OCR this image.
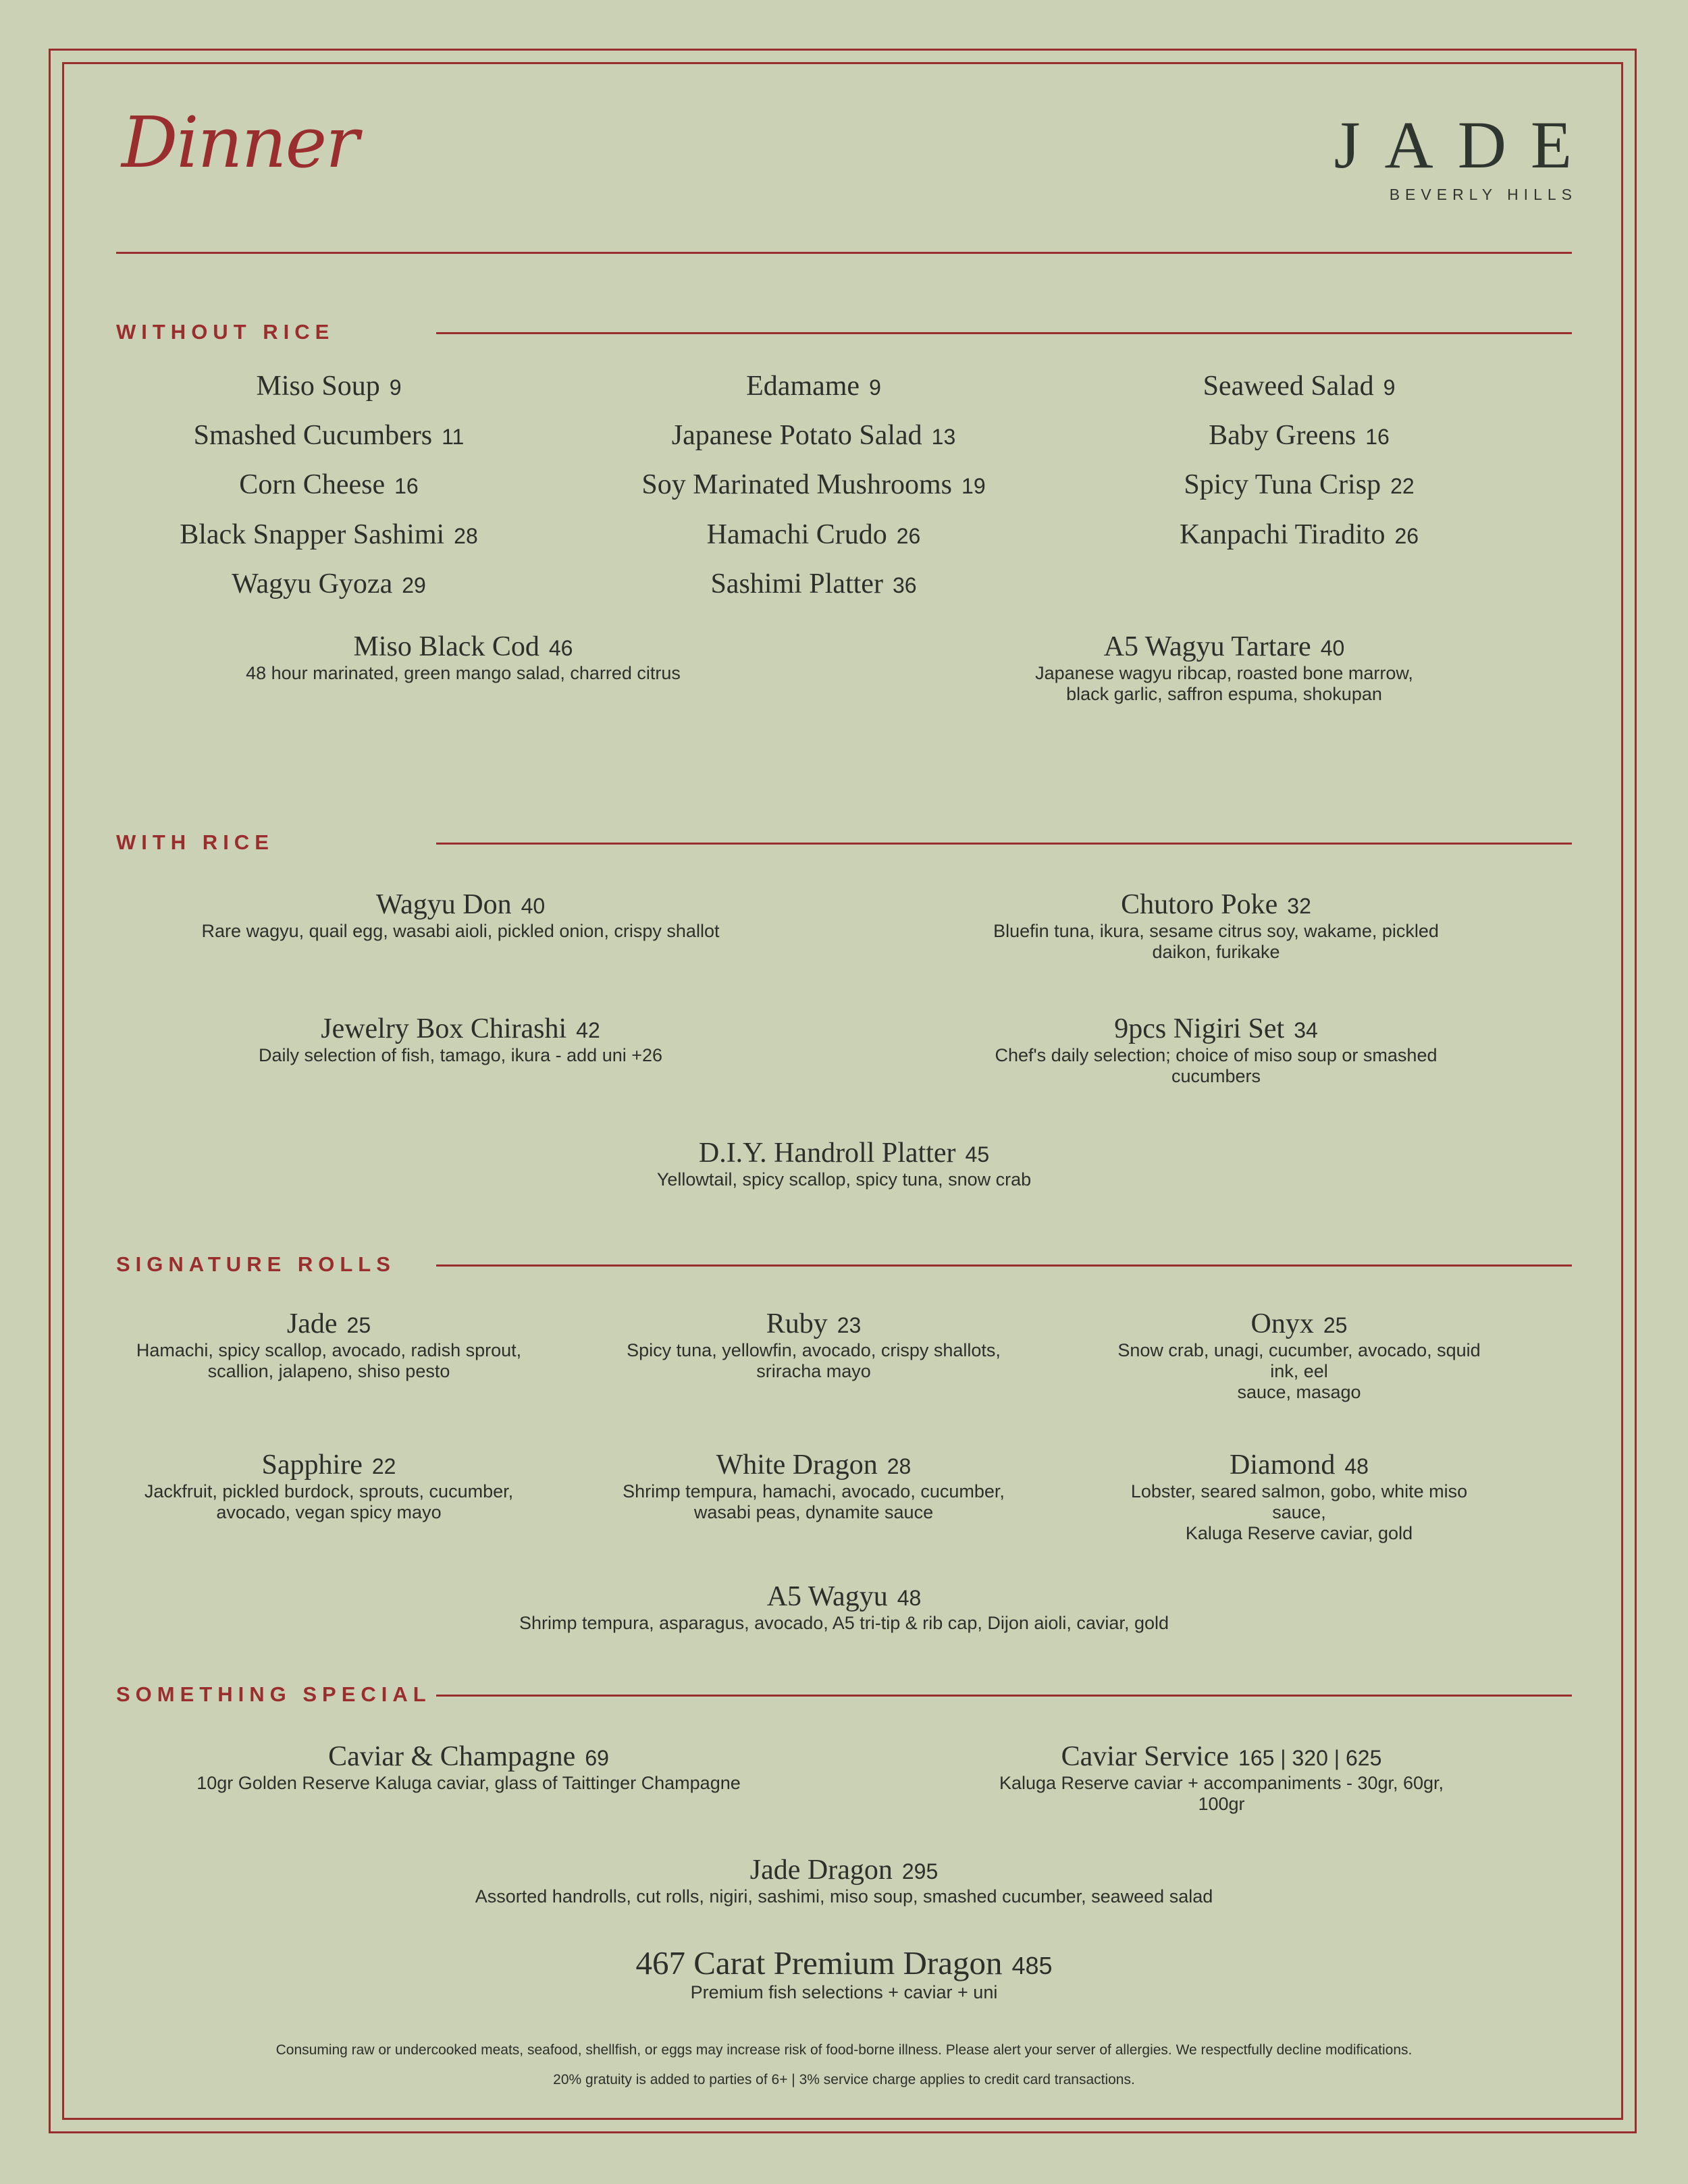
Dinner	JADE
BEVERLY HILLS
WITHOUT RICE
Miso Soup 9	Edamame 9	Seaweed Salad 9
Smashed Cucumbers 11	Japanese Potato Salad 13	Baby Greens 16
Corn Cheese 16	Soy Marinated Mushrooms 19	Spicy Tuna Crisp 22
Black Snapper Sashimi 28	Hamachi Crudo 26	Kanpachi Tiradito 26
Wagyu Gyoza 29	Sashimi Platter 36
Miso Black Cod 46
48 hour marinated, green mango salad, charred citrus
A5 Wagyu Tartare 40
Japanese wagyu ribcap, roasted bone marrow,
black garlic, saffron espuma, shokupan
WITH RICE
Wagyu Don 40
Rare wagyu, quail egg, wasabi aioli, pickled onion, crispy shallot
Chutoro Poke 32
Bluefin tuna, ikura, sesame citrus soy, wakame, pickled daikon, furikake
Jewelry Box Chirashi 42
Daily selection of fish, tamago, ikura - add uni +26
9pcs Nigiri Set 34
Chef's daily selection; choice of miso soup or smashed cucumbers
D.I.Y. Handroll Platter 45
Yellowtail, spicy scallop, spicy tuna, snow crab
SIGNATURE ROLLS
Jade 25
Hamachi, spicy scallop, avocado, radish sprout,
scallion, jalapeno, shiso pesto
Ruby 23
Spicy tuna, yellowfin, avocado, crispy shallots,
sriracha mayo
Onyx 25
Snow crab, unagi, cucumber, avocado, squid ink, eel
sauce, masago
Sapphire 22
Jackfruit, pickled burdock, sprouts, cucumber,
avocado, vegan spicy mayo
White Dragon 28
Shrimp tempura, hamachi, avocado, cucumber,
wasabi peas, dynamite sauce
Diamond 48
Lobster, seared salmon, gobo, white miso sauce,
Kaluga Reserve caviar, gold
A5 Wagyu 48
Shrimp tempura, asparagus, avocado, A5 tri-tip & rib cap, Dijon aioli, caviar, gold
SOMETHING SPECIAL
Caviar & Champagne 69
10gr Golden Reserve Kaluga caviar, glass of Taittinger Champagne
Caviar Service 165 | 320 | 625
Kaluga Reserve caviar + accompaniments - 30gr, 60gr, 100gr
Jade Dragon 295
Assorted handrolls, cut rolls, nigiri, sashimi, miso soup, smashed cucumber, seaweed salad
467 Carat Premium Dragon 485
Premium fish selections + caviar + uni
Consuming raw or undercooked meats, seafood, shellfish, or eggs may increase risk of food-borne illness. Please alert your server of allergies. We respectfully decline modifications.
20% gratuity is added to parties of 6+ | 3% service charge applies to credit card transactions.
